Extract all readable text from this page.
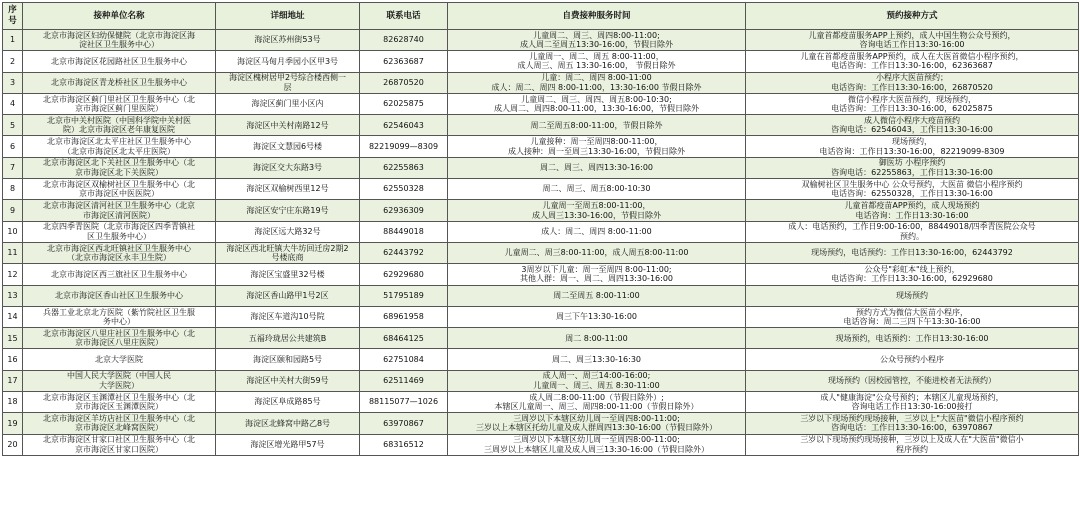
序 号	接种单位名称	详细地址	联系电话	自费接种服务时间	预约接种方式
1	北京市海淀区妇幼保健院（北京市海淀区海
淀社区卫生服务中心）	海淀区苏州街53号	82628740	儿童周二、周三、周四8:00-11:00;
成人周二至周五13:30-16:00，节假日除外	儿童首都疫苗服务APP上预约，成人中国生物公众号预约，
咨询电话工作日13:30-16:00
2	北京市海淀区花园路社区卫生服务中心	海淀区马甸月季园小区甲3号	62363687	儿童周一、周二、周五 8:00-11:00，
成人周三、周五 13:30-16:00， 节假日除外	儿童在首都疫苗服务APP预约，成人在大医首微信小程序预约，
电话咨询：工作日13:30-16:00，62363687
3	北京市海淀区青龙桥社区卫生服务中心	海淀区槐树居甲2号综合楼西侧一
层	26870520	儿童：周二、周四 8:00-11:00
成人：周二、周四 8:00-11:00，13:30-16:00 节假日除外	小程序大医苗预约；
电话咨询：工作日13:30-16:00，26870520
4	北京市海淀区蓟门里社区卫生服务中心（北
京市海淀区蓟门里医院）	海淀区蓟门里小区内	62025875	儿童周二、周三、周四、周五8:00-10:30;
成人周二、周四8:00-11:00，13:30-16:00，节假日除外	微信小程序大医苗预约，现场预约，
电话咨询：工作日13:30-16:00，62025875
5	北京市中关村医院（中国科学院中关村医
院）北京市海淀区老年康复医院	海淀区中关村南路12号	62546043	周二至周五8:00-11:00，节假日除外	成人微信小程序大疫苗预约
咨询电话：62546043，工作日13:30-16:00
6	北京市海淀区北太平庄社区卫生服务中心
（北京市海淀区北太平庄医院）	海淀区文慧园6号楼	82219099—8309	儿童接种：周一至周四8:00-11:00，
成人接种：周一至周三13:30-16:00，节假日除外	现场预约，
电话咨询：工作日13:30-16:00，82219099-8309
7	北京市海淀区北下关社区卫生服务中心（北
京市海淀区北下关医院）	海淀区交大东路3号	62255863	周二、周三、周四13:30-16:00	御医坊 小程序预约
咨询电话：62255863，工作日13:30-16:00
8	北京市海淀区双榆树社区卫生服务中心（北
京市海淀区中医医院）	海淀区双榆树西里12号	62550328	周二、周三、周五8:00-10:30	双榆树社区卫生服务中心 公众号预约，大医苗 微信小程序预约
电话咨询：62550328，工作日13:30-16:00
9	北京市海淀区清河社区卫生服务中心（北京
市海淀区清河医院）	海淀区安宁庄东路19号	62936309	儿童周一至周五8:00-11:00，
成人周三13:30-16:00，节假日除外	儿童首都疫苗APP预约，成人现场预约
电话咨询：工作日13:30-16:00
10	北京四季青医院（北京市海淀区四季青镇社
区卫生服务中心）	海淀区远大路32号	88449018	成人：周二、周四 8:00-11:00	成人：电话预约，工作日9:00-16:00，88449018/四季青医院公众号
预约。
11	北京市海淀区西北旺镇社区卫生服务中心
（北京市海淀区永丰卫生院）	海淀区西北旺镇大牛坊回迁房2期2
号楼底商	62443792	儿童周二、周三8:00-11:00，成人周五8:00-11:00	现场预约，电话预约：工作日13:30-16:00，62443792
12	北京市海淀区西三旗社区卫生服务中心	海淀区宝盛里32号楼	62929680	3周岁以下儿童：周一至周四 8:00-11:00;
其他人群：周一、周二、周四13:30-16:00	公众号"彩虹本"线上预约，
电话咨询：工作日13:30-16:00，62929680
13	北京市海淀区香山社区卫生服务中心	海淀区香山路甲1号2区	51795189	周二至周五 8:00-11:00	现场预约
14	兵器工业北京北方医院（紫竹院社区卫生服
务中心）	海淀区车道沟10号院	68961958	周三下午13:30-16:00	预约方式为微信大医苗小程序，
电话咨询：周二三四下午13:30-16:00
15	北京市海淀区八里庄社区卫生服务中心（北
京市海淀区八里庄医院）	五福玲珑居公共建筑B	68464125	周二 8:00-11:00	现场预约，电话预约：工作日13:30-16:00
16	北京大学医院	海淀区颐和园路5号	62751084	周二、周三13:30-16:30	公众号预约小程序
17	中国人民大学医院（中国人民
大学医院）	海淀区中关村大街59号	62511469	成人周一、周三14:00-16:00;
儿童周一、周三、周五 8:30-11:00	现场预约（因校园管控，不能进校者无法预约）
18	北京市海淀区玉渊潭社区卫生服务中心（北
京市海淀区玉渊潭医院）	海淀区阜成路85号	88115077—1026	成人周二8:00-11:00（节假日除外）;
本辖区儿童周一、周三、周四8:00-11:00（节假日除外）	成人"健康海淀"公众号预约；本辖区儿童现场预约，
咨询电话工作日13:30-16:00接打
19	北京市海淀区羊坊店社区卫生服务中心（北
京市海淀区北峰窝医院）	海淀区北蜂窝中路乙8号	63970867	三周岁以下本辖区幼儿周一至周四8:00-11:00;
三岁以上本辖区托幼儿童及成人群周四13:30-16:00（节假日除外）	三岁以下现场预约现场接种，三岁以上"大医苗"微信小程序预约
咨询电话：工作日13:30-16:00，63970867
20	北京市海淀区甘家口社区卫生服务中心（北
京市海淀区甘家口医院）	海淀区增光路甲57号	68316512	三周岁以下本辖区幼儿周一至周四8:00-11:00;
三周岁以上本辖区儿童及成人周三13:30-16:00（节假日除外）	三岁以下现场预约现场接种，三岁以上及成人在"大医苗"微信小
程序预约
